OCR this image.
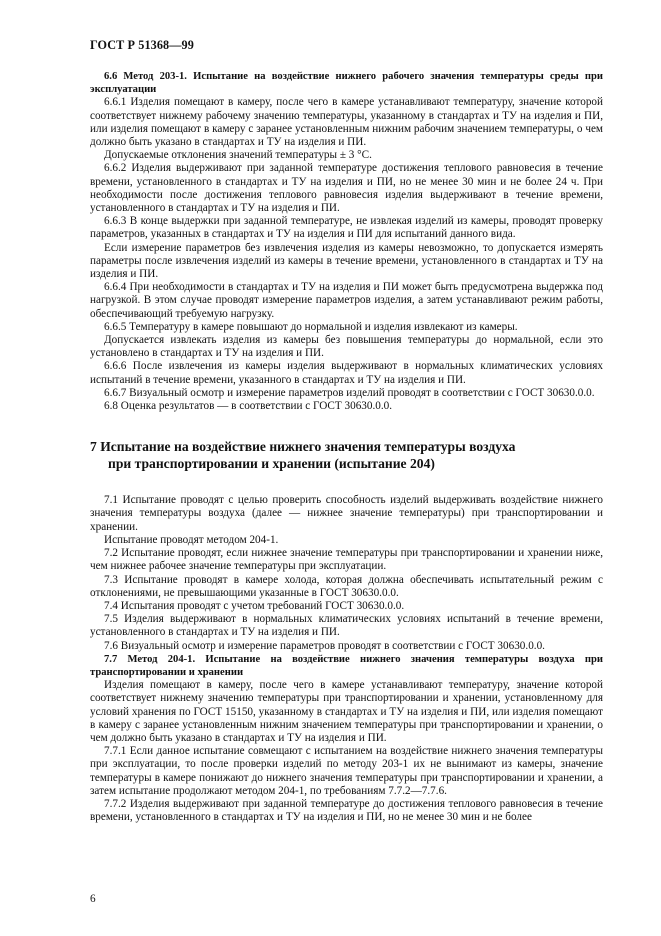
ГОСТ Р 51368—99

6.6 Метод 203-1. Испытание на воздействие нижнего рабочего значения температуры среды при эксплуатации

6.6.1 Изделия помещают в камеру, после чего в камере устанавливают температуру, значение которой соответствует нижнему рабочему значению температуры, указанному в стандартах и ТУ на изделия и ПИ, или изделия помещают в камеру с заранее установленным нижним рабочим значением температуры, о чем должно быть указано в стандартах и ТУ на изделия и ПИ.

Допускаемые отклонения значений температуры ± 3 °С.

6.6.2 Изделия выдерживают при заданной температуре достижения теплового равновесия в течение времени, установленного в стандартах и ТУ на изделия и ПИ, но не менее 30 мин и не более 24 ч. При необходимости после достижения теплового равновесия изделия выдерживают в течение времени, установленного в стандартах и ТУ на изделия и ПИ.

6.6.3 В конце выдержки при заданной температуре, не извлекая изделий из камеры, проводят проверку параметров, указанных в стандартах и ТУ на изделия и ПИ для испытаний данного вида.

Если измерение параметров без извлечения изделия из камеры невозможно, то допускается измерять параметры после извлечения изделий из камеры в течение времени, установленного в стандартах и ТУ на изделия и ПИ.

6.6.4 При необходимости в стандартах и ТУ на изделия и ПИ может быть предусмотрена выдержка под нагрузкой. В этом случае проводят измерение параметров изделия, а затем устанавливают режим работы, обеспечивающий требуемую нагрузку.

6.6.5 Температуру в камере повышают до нормальной и изделия извлекают из камеры.

Допускается извлекать изделия из камеры без повышения температуры до нормальной, если это установлено в стандартах и ТУ на изделия и ПИ.

6.6.6 После извлечения из камеры изделия выдерживают в нормальных климатических условиях испытаний в течение времени, указанного в стандартах и ТУ на изделия и ПИ.

6.6.7 Визуальный осмотр и измерение параметров изделий проводят в соответствии с ГОСТ 30630.0.0.

6.8 Оценка результатов — в соответствии с ГОСТ 30630.0.0.

7 Испытание на воздействие нижнего значения температуры воздуха
при транспортировании и хранении (испытание 204)

7.1 Испытание проводят с целью проверить способность изделий выдерживать воздействие нижнего значения температуры воздуха (далее — нижнее значение температуры) при транспортировании и хранении.

Испытание проводят методом 204-1.

7.2 Испытание проводят, если нижнее значение температуры при транспортировании и хранении ниже, чем нижнее рабочее значение температуры при эксплуатации.

7.3 Испытание проводят в камере холода, которая должна обеспечивать испытательный режим с отклонениями, не превышающими указанные в ГОСТ 30630.0.0.

7.4 Испытания проводят с учетом требований ГОСТ 30630.0.0.

7.5 Изделия выдерживают в нормальных климатических условиях испытаний в течение времени, установленного в стандартах и ТУ на изделия и ПИ.

7.6 Визуальный осмотр и измерение параметров проводят в соответствии с ГОСТ 30630.0.0.

7.7 Метод 204-1. Испытание на воздействие нижнего значения температуры воздуха при транспортировании и хранении

Изделия помещают в камеру, после чего в камере устанавливают температуру, значение которой соответствует нижнему значению температуры при транспортировании и хранении, установленному для условий хранения по ГОСТ 15150, указанному в стандартах и ТУ на изделия и ПИ, или изделия помещают в камеру с заранее установленным нижним значением температуры при транспортировании и хранении, о чем должно быть указано в стандартах и ТУ на изделия и ПИ.

7.7.1 Если данное испытание совмещают с испытанием на воздействие нижнего значения температуры при эксплуатации, то после проверки изделий по методу 203-1 их не вынимают из камеры, значение температуры в камере понижают до нижнего значения температуры при транспортировании и хранении, а затем испытание продолжают методом 204-1, по требованиям 7.7.2—7.7.6.

7.7.2 Изделия выдерживают при заданной температуре до достижения теплового равновесия в течение времени, установленного в стандартах и ТУ на изделия и ПИ, но не менее 30 мин и не более

6
